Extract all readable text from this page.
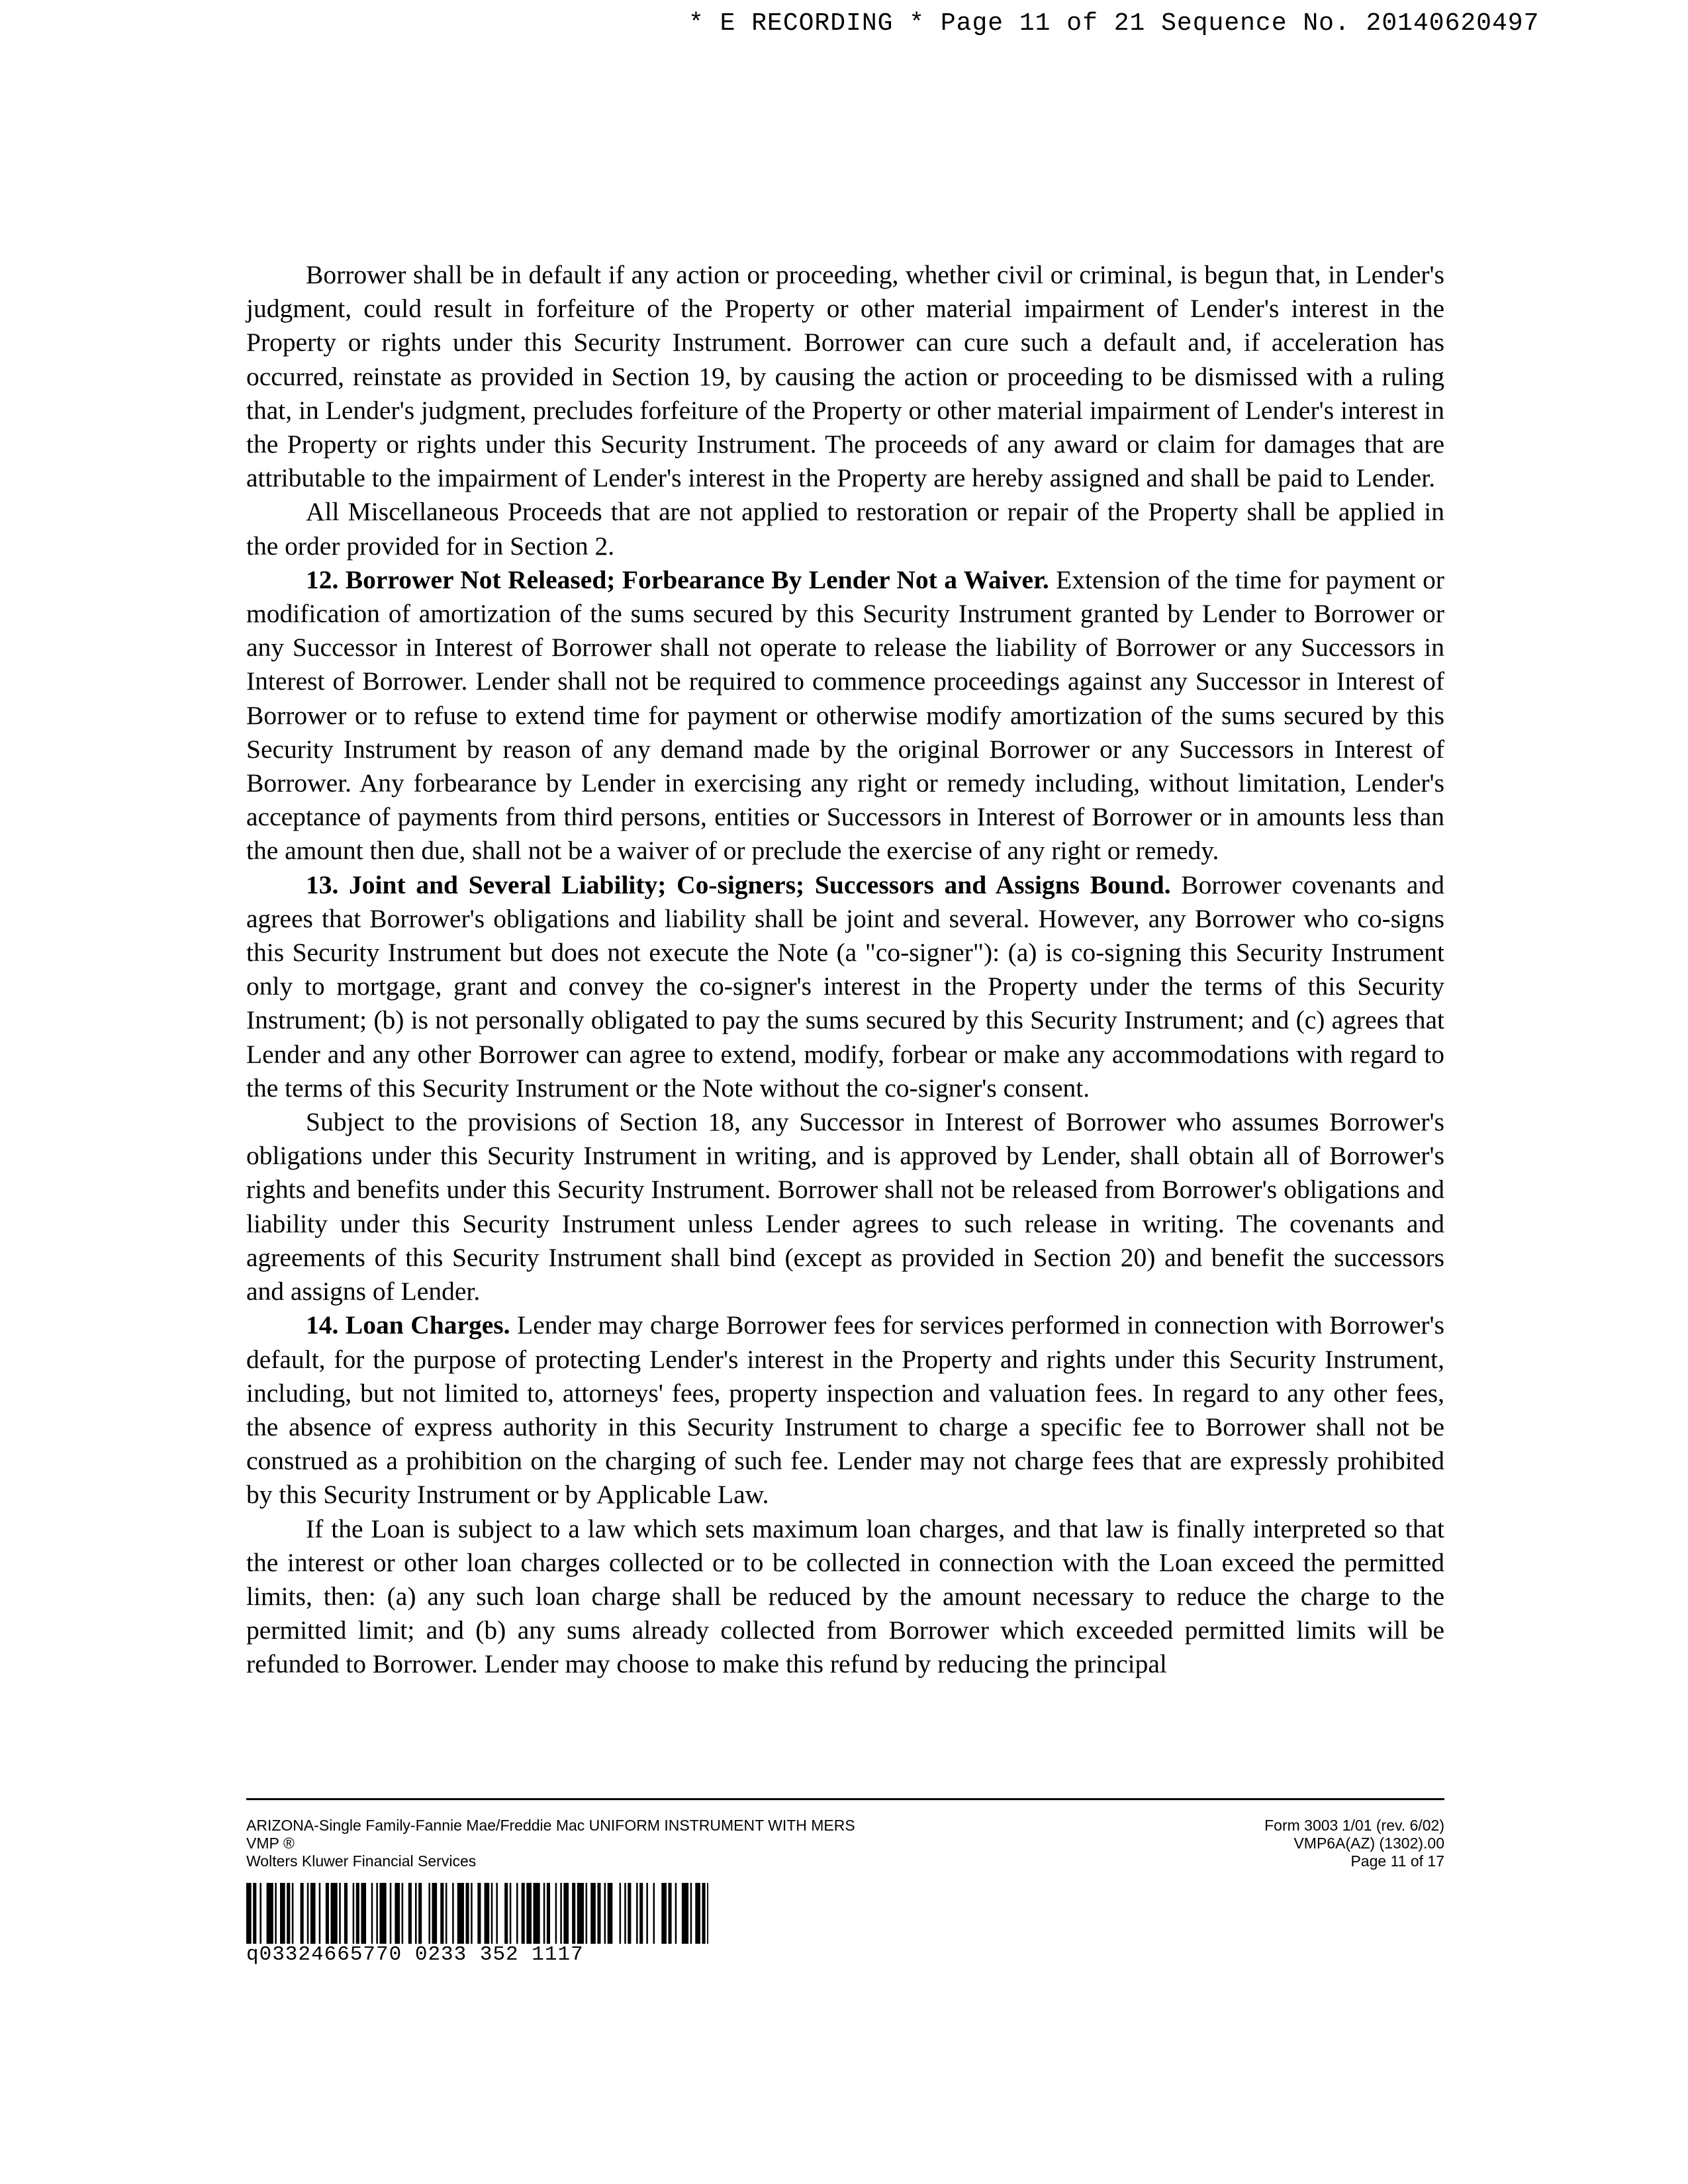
* E RECORDING * Page 11 of 21 Sequence No. 20140620497

Borrower shall be in default if any action or proceeding, whether civil or criminal, is begun that, in Lender's judgment, could result in forfeiture of the Property or other material impairment of Lender's interest in the Property or rights under this Security Instrument. Borrower can cure such a default and, if acceleration has occurred, reinstate as provided in Section 19, by causing the action or proceeding to be dismissed with a ruling that, in Lender's judgment, precludes forfeiture of the Property or other material impairment of Lender's interest in the Property or rights under this Security Instrument. The proceeds of any award or claim for damages that are attributable to the impairment of Lender's interest in the Property are hereby assigned and shall be paid to Lender.

All Miscellaneous Proceeds that are not applied to restoration or repair of the Property shall be applied in the order provided for in Section 2.

12. Borrower Not Released; Forbearance By Lender Not a Waiver. Extension of the time for payment or modification of amortization of the sums secured by this Security Instrument granted by Lender to Borrower or any Successor in Interest of Borrower shall not operate to release the liability of Borrower or any Successors in Interest of Borrower. Lender shall not be required to commence proceedings against any Successor in Interest of Borrower or to refuse to extend time for payment or otherwise modify amortization of the sums secured by this Security Instrument by reason of any demand made by the original Borrower or any Successors in Interest of Borrower. Any forbearance by Lender in exercising any right or remedy including, without limitation, Lender's acceptance of payments from third persons, entities or Successors in Interest of Borrower or in amounts less than the amount then due, shall not be a waiver of or preclude the exercise of any right or remedy.

13. Joint and Several Liability; Co-signers; Successors and Assigns Bound. Borrower covenants and agrees that Borrower's obligations and liability shall be joint and several. However, any Borrower who co-signs this Security Instrument but does not execute the Note (a "co-signer"): (a) is co-signing this Security Instrument only to mortgage, grant and convey the co-signer's interest in the Property under the terms of this Security Instrument; (b) is not personally obligated to pay the sums secured by this Security Instrument; and (c) agrees that Lender and any other Borrower can agree to extend, modify, forbear or make any accommodations with regard to the terms of this Security Instrument or the Note without the co-signer's consent.

Subject to the provisions of Section 18, any Successor in Interest of Borrower who assumes Borrower's obligations under this Security Instrument in writing, and is approved by Lender, shall obtain all of Borrower's rights and benefits under this Security Instrument. Borrower shall not be released from Borrower's obligations and liability under this Security Instrument unless Lender agrees to such release in writing. The covenants and agreements of this Security Instrument shall bind (except as provided in Section 20) and benefit the successors and assigns of Lender.

14. Loan Charges. Lender may charge Borrower fees for services performed in connection with Borrower's default, for the purpose of protecting Lender's interest in the Property and rights under this Security Instrument, including, but not limited to, attorneys' fees, property inspection and valuation fees. In regard to any other fees, the absence of express authority in this Security Instrument to charge a specific fee to Borrower shall not be construed as a prohibition on the charging of such fee. Lender may not charge fees that are expressly prohibited by this Security Instrument or by Applicable Law.

If the Loan is subject to a law which sets maximum loan charges, and that law is finally interpreted so that the interest or other loan charges collected or to be collected in connection with the Loan exceed the permitted limits, then: (a) any such loan charge shall be reduced by the amount necessary to reduce the charge to the permitted limit; and (b) any sums already collected from Borrower which exceeded permitted limits will be refunded to Borrower. Lender may choose to make this refund by reducing the principal

ARIZONA-Single Family-Fannie Mae/Freddie Mac UNIFORM INSTRUMENT WITH MERS
VMP ®
Wolters Kluwer Financial Services
Form 3003 1/01 (rev. 6/02)
VMP6A(AZ) (1302).00
Page 11 of 17
q03324665770 0233 352 1117
